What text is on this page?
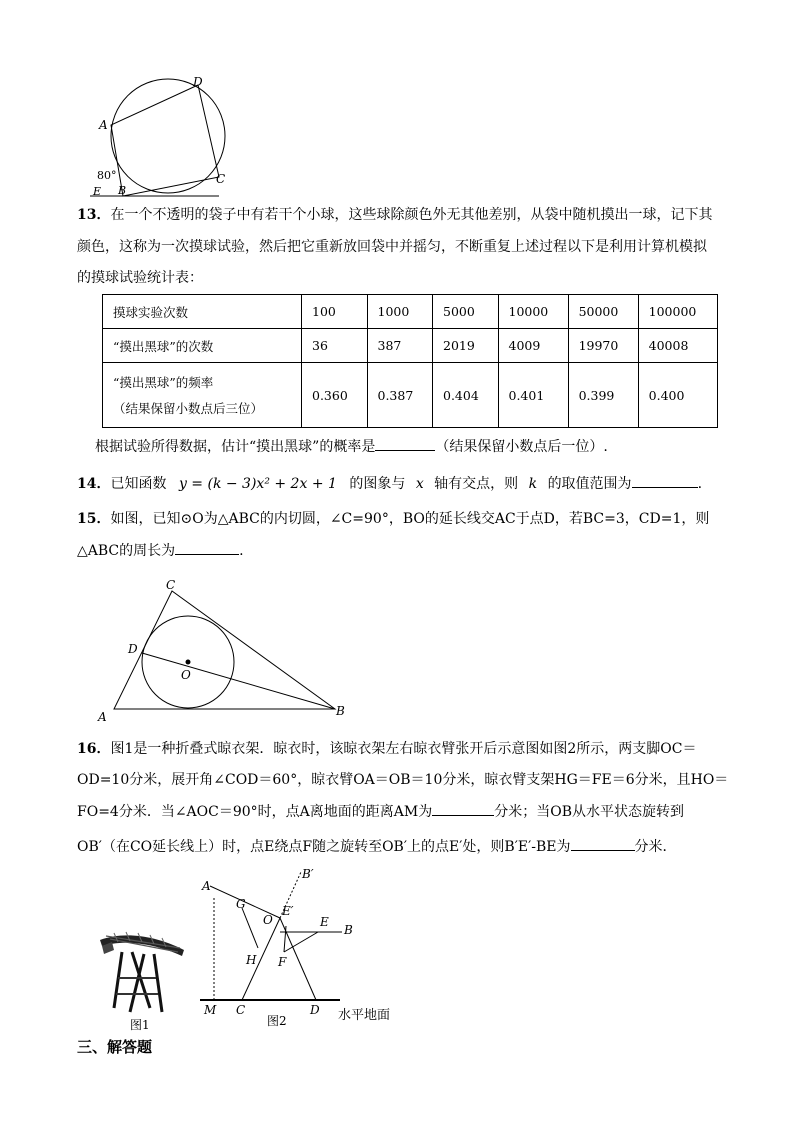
A
D
C
B
E
80°
13．在一个不透明的袋子中有若干个小球，这些球除颜色外无其他差别，从袋中随机摸出一球，记下其
颜色，这称为一次摸球试验，然后把它重新放回袋中并摇匀，不断重复上述过程以下是利用计算机模拟
的摸球试验统计表：
摸球实验次数	100	1000	5000	10000	50000	100000
“摸出黑球”的次数	36	387	2019	4009	19970	40008

“摸出黑球”的频率
（结果保留小数点后三位）	0.360	0.387	0.404	0.401	0.399	0.400
根据试验所得数据，估计“摸出黑球”的概率是	（结果保留小数点后一位）.
14．已知函数 y = (k − 3)x² + 2x + 1 的图象与 x 轴有交点，则 k 的取值范围为	.
15．如图，已知⊙O为△ABC的内切圆，∠C=90°，BO的延长线交AC于点D，若BC=3，CD=1，则
△ABC的周长为	.
C
D
O
A	B
16．图1是一种折叠式晾衣架．晾衣时，该晾衣架左右晾衣臂张开后示意图如图2所示，两支脚OC＝
OD=10分米，展开角∠COD＝60°，晾衣臂OA＝OB＝10分米，晾衣臂支架HG＝FE＝6分米，且HO＝
FO=4分米．当∠AOC＝90°时，点A离地面的距离AM为	分米；当OB从水平状态旋转到
OB′（在CO延长线上）时，点E绕点F随之旋转至OB′上的点E′处，则B′E′-BE为	分米．
图1
A
G
O
E′
B′
E
B
H F
M C	D
图2	水平地面
三、解答题
